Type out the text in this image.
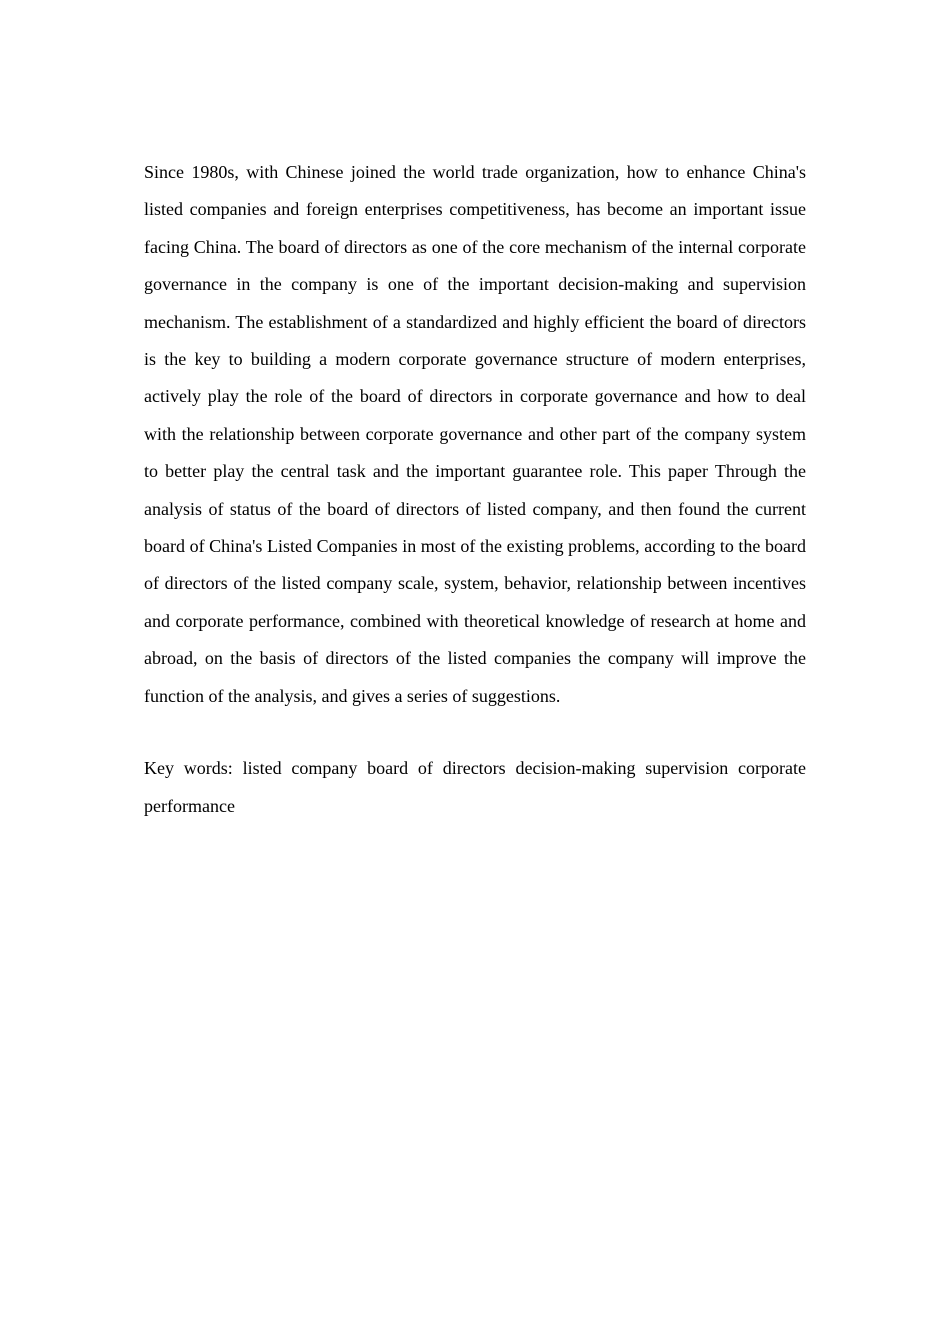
Since 1980s, with Chinese joined the world trade organization, how to enhance China's listed companies and foreign enterprises competitiveness, has become an important issue facing China. The board of directors as one of the core mechanism of the internal corporate governance in the company is one of the important decision-making and supervision mechanism. The establishment of a standardized and highly efficient the board of directors is the key to building a modern corporate governance structure of modern enterprises, actively play the role of the board of directors in corporate governance and how to deal with the relationship between corporate governance and other part of the company system to better play the central task and the important guarantee role. This paper Through the analysis of status of the board of directors of listed company, and then found the current board of China's Listed Companies in most of the existing problems, according to the board of directors of the listed company scale, system, behavior, relationship between incentives and corporate performance, combined with theoretical knowledge of research at home and abroad, on the basis of directors of the listed companies the company will improve the function of the analysis, and gives a series of suggestions.

Key words: listed company board of directors decision-making supervision corporate performance
